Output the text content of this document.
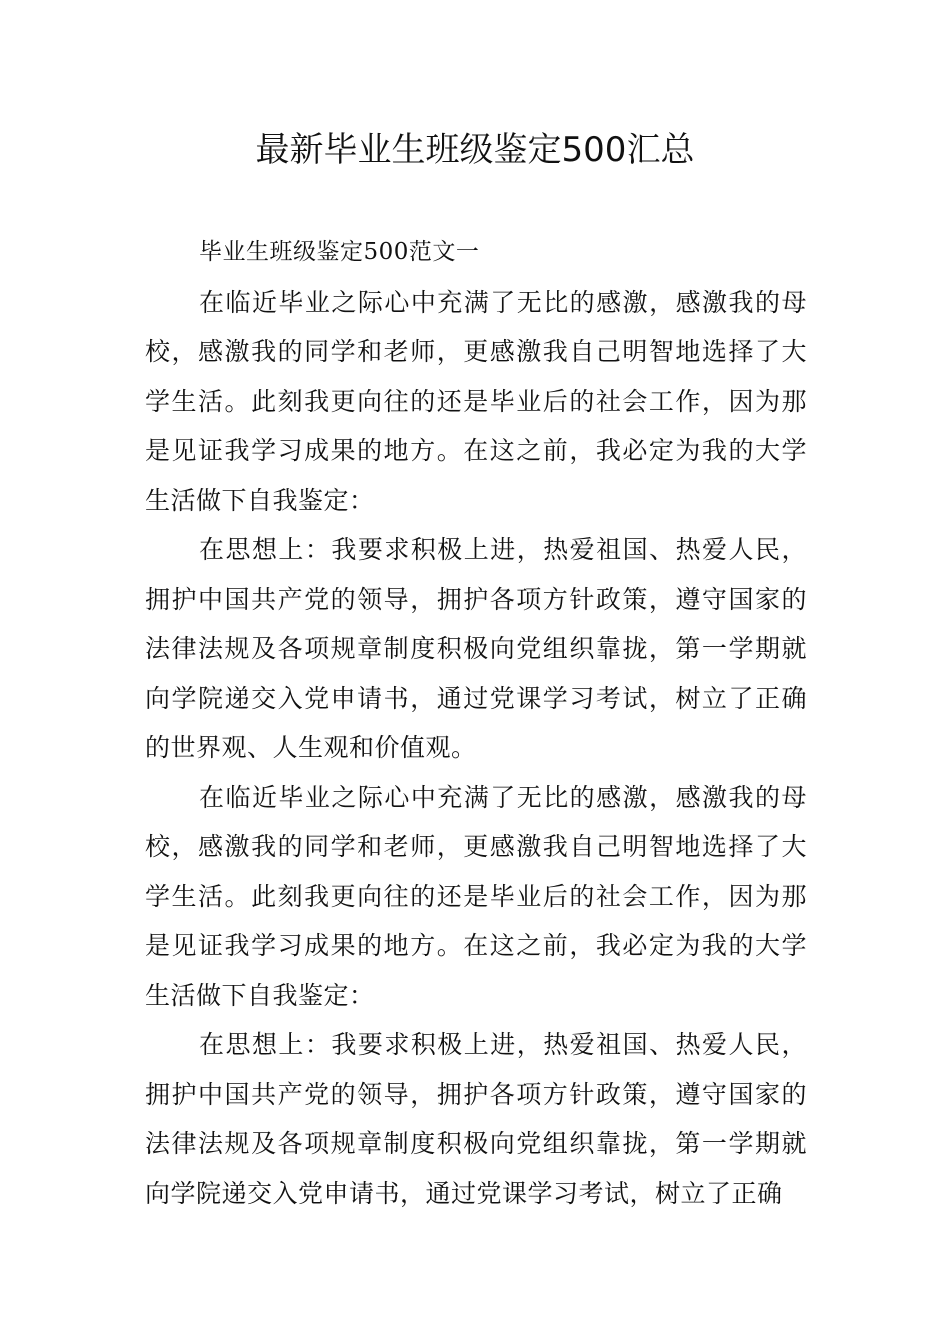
最新毕业生班级鉴定500汇总

毕业生班级鉴定500范文一

在临近毕业之际心中充满了无比的感激，感激我的母校，感激我的同学和老师，更感激我自己明智地选择了大学生活。此刻我更向往的还是毕业后的社会工作，因为那是见证我学习成果的地方。在这之前，我必定为我的大学生活做下自我鉴定：

在思想上：我要求积极上进，热爱祖国、热爱人民，拥护中国共产党的领导，拥护各项方针政策，遵守国家的法律法规及各项规章制度积极向党组织靠拢，第一学期就向学院递交入党申请书，通过党课学习考试，树立了正确的世界观、人生观和价值观。

在临近毕业之际心中充满了无比的感激，感激我的母校，感激我的同学和老师，更感激我自己明智地选择了大学生活。此刻我更向往的还是毕业后的社会工作，因为那是见证我学习成果的地方。在这之前，我必定为我的大学生活做下自我鉴定：

在思想上：我要求积极上进，热爱祖国、热爱人民，拥护中国共产党的领导，拥护各项方针政策，遵守国家的法律法规及各项规章制度积极向党组织靠拢，第一学期就向学院递交入党申请书，通过党课学习考试，树立了正确
